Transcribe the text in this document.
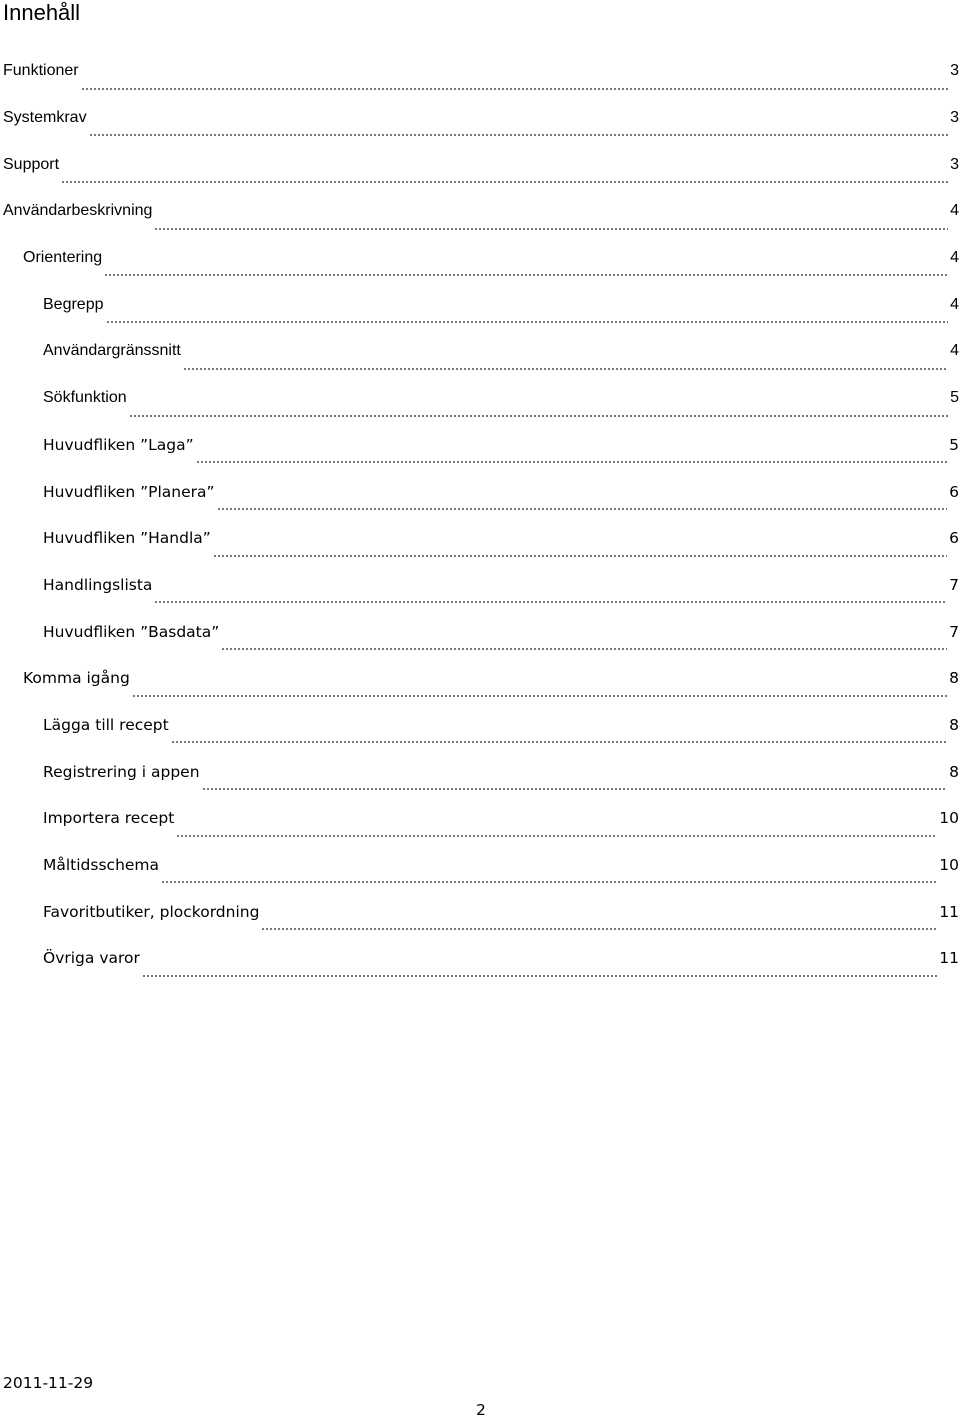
Innehåll
Funktioner	3
Systemkrav	3
Support	3
Användarbeskrivning	4
Orientering	4
Begrepp	4
Användargränssnitt	4
Sökfunktion	5
Huvudfliken ”Laga”	5
Huvudfliken ”Planera”	6
Huvudfliken ”Handla”	6
Handlingslista	7
Huvudfliken ”Basdata”	7
Komma igång	8
Lägga till recept	8
Registrering i appen	8
Importera recept	10
Måltidsschema	10
Favoritbutiker, plockordning	11
Övriga varor	11
2011-11-29
2
